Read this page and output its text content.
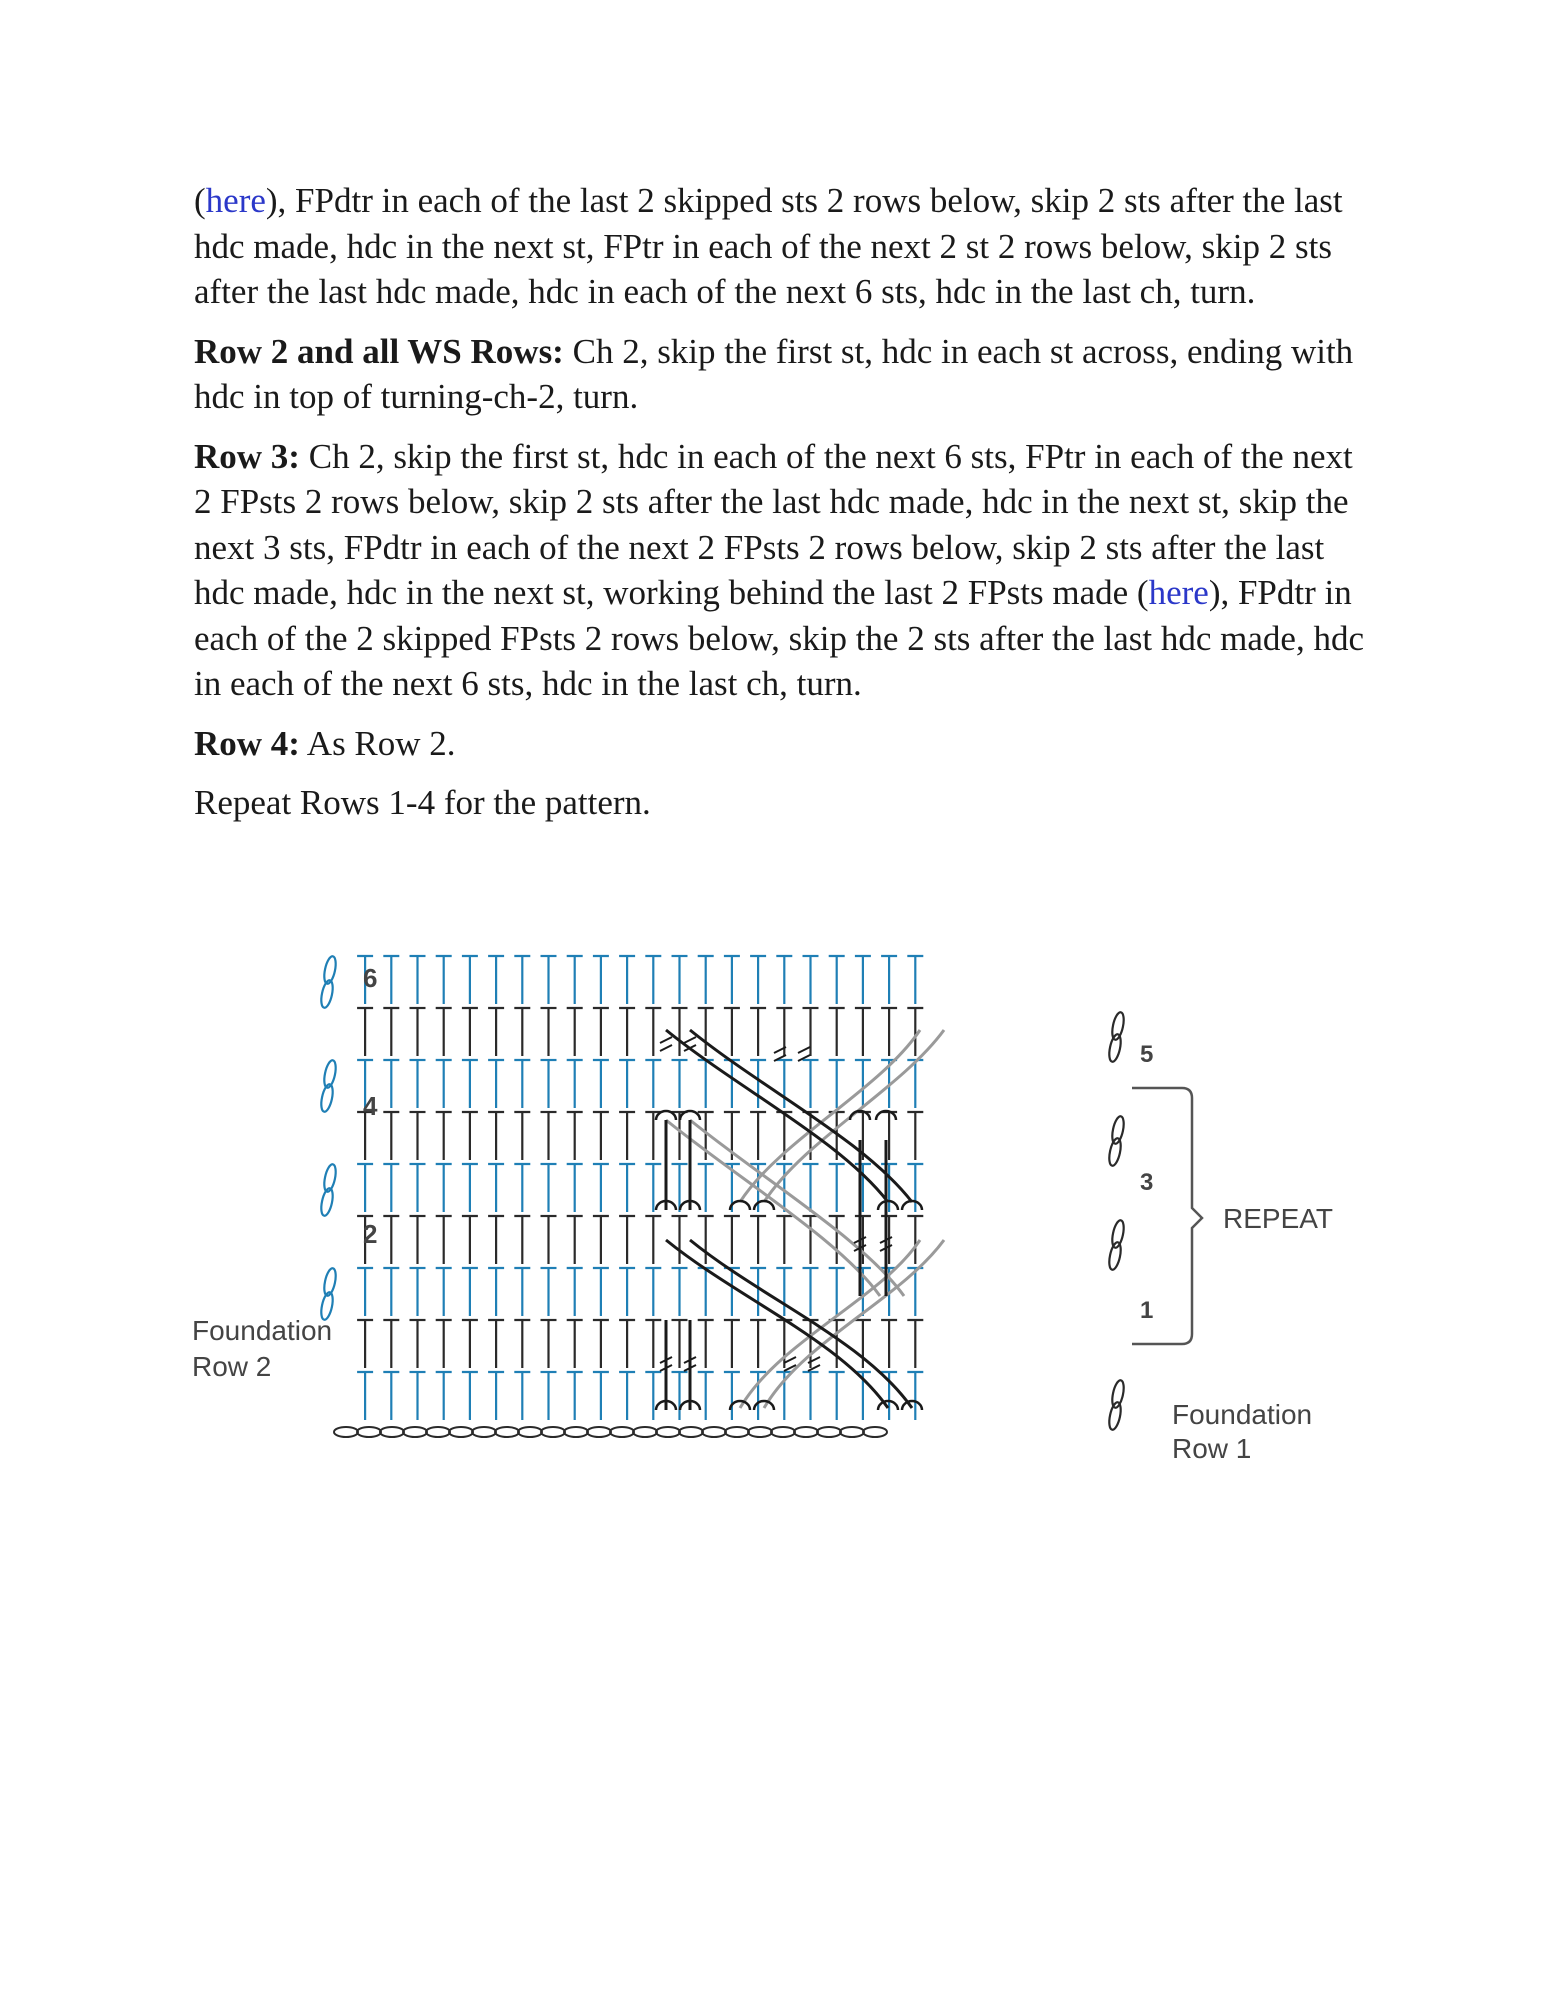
(here), FPdtr in each of the last 2 skipped sts 2 rows below, skip 2 sts after the last hdc made, hdc in the next st, FPtr in each of the next 2 st 2 rows below, skip 2 sts after the last hdc made, hdc in each of the next 6 sts, hdc in the last ch, turn.

Row 2 and all WS Rows: Ch 2, skip the first st, hdc in each st across, ending with hdc in top of turning-ch-2, turn.

Row 3: Ch 2, skip the first st, hdc in each of the next 6 sts, FPtr in each of the next 2 FPsts 2 rows below, skip 2 sts after the last hdc made, hdc in the next st, skip the next 3 sts, FPdtr in each of the next 2 FPsts 2 rows below, skip 2 sts after the last hdc made, hdc in the next st, working behind the last 2 FPsts made (here), FPdtr in each of the 2 skipped FPsts 2 rows below, skip the 2 sts after the last hdc made, hdc in each of the next 6 sts, hdc in the last ch, turn.

Row 4: As Row 2.

Repeat Rows 1-4 for the pattern.

6
4
2
5
3
1
REPEAT
Foundation
Row 2
Foundation
Row 1
